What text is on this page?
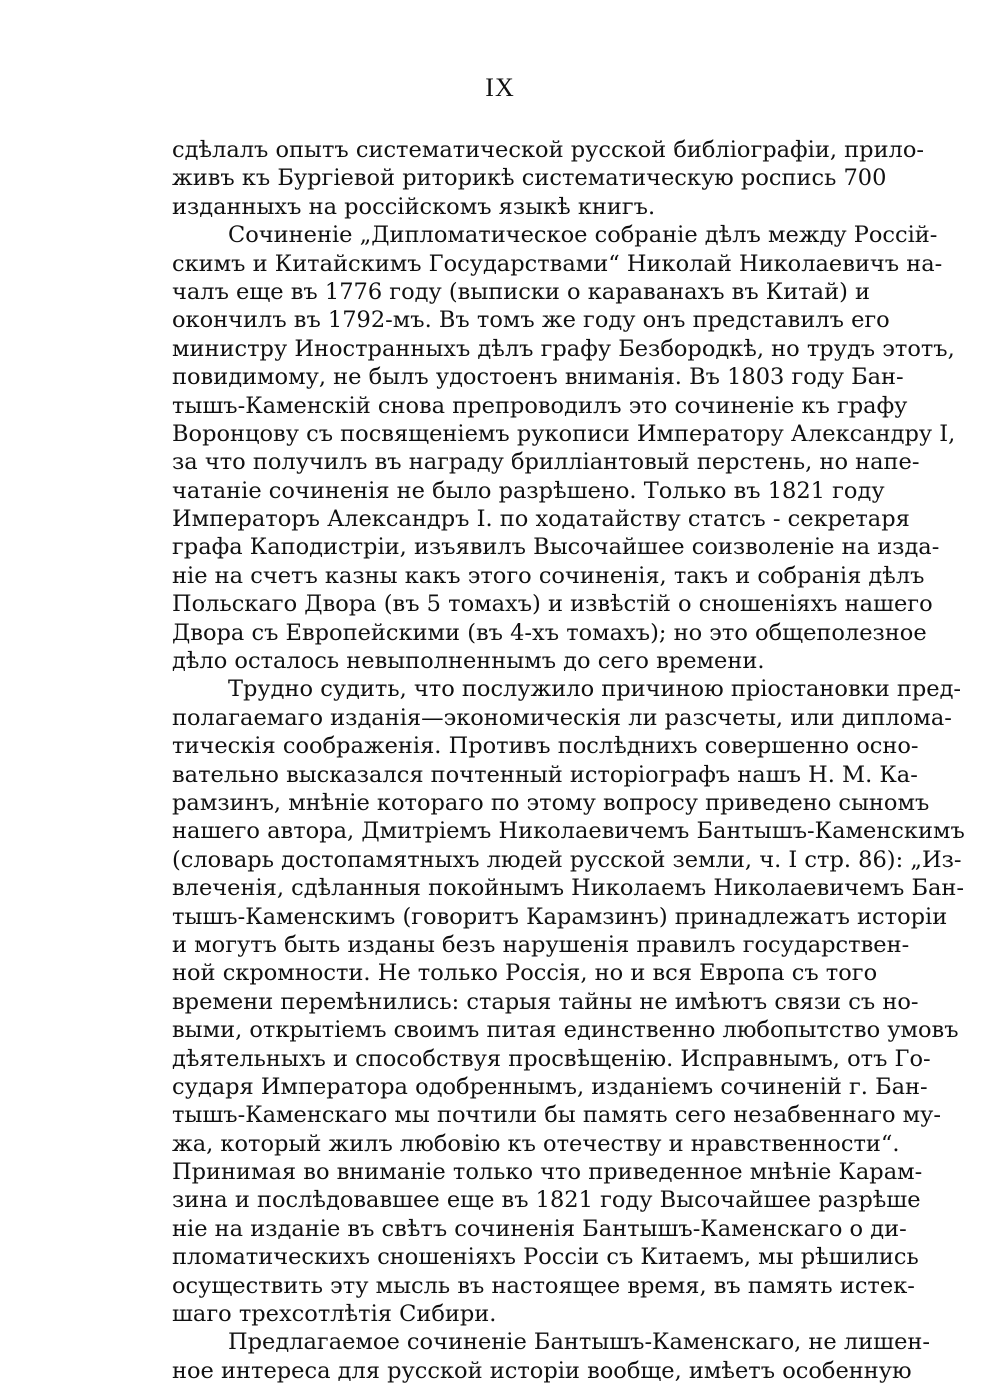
IX
сдѣлалъ опытъ систематической русской библіографіи, прило-
живъ къ Бургіевой риторикѣ систематическую роспись 700
изданныхъ на россійскомъ языкѣ книгъ.
Сочиненіе „Дипломатическое собраніе дѣлъ между Россій-
скимъ и Китайскимъ Государствами“ Николай Николаевичъ на-
чалъ еще въ 1776 году (выписки о караванахъ въ Китай) и
окончилъ въ 1792-мъ. Въ томъ же году онъ представилъ его
министру Иностранныхъ дѣлъ графу Безбородкѣ, но трудъ этотъ,
повидимому, не былъ удостоенъ вниманія. Въ 1803 году Бан-
тышъ-Каменскій снова препроводилъ это сочиненіе къ графу
Воронцову съ посвященіемъ рукописи Императору Александру I,
за что получилъ въ награду бриллiантовый перстень, но напе-
чатаніе сочиненія не было разрѣшено. Только въ 1821 году
Императоръ Александръ I. по ходатайству статсъ - секретаря
графа Каподистріи, изъявилъ Высочайшее соизволеніе на изда-
ніе на счетъ казны какъ этого сочиненія, такъ и собранія дѣлъ
Польскаго Двора (въ 5 томахъ) и извѣстій о сношеніяхъ нашего
Двора съ Европейскими (въ 4-хъ томахъ); но это общеполезное
дѣло осталось невыполненнымъ до сего времени.
Трудно судить, что послужило причиною пріостановки пред-
полагаемаго изданія—экономическія ли разсчеты, или диплома-
тическія соображенія. Противъ послѣднихъ совершенно осно-
вательно высказался почтенный исторіографъ нашъ Н. М. Ка-
рамзинъ, мнѣніе котораго по этому вопросу приведено сыномъ
нашего автора, Дмитріемъ Николаевичемъ Бантышъ-Каменскимъ
(словарь достопамятныхъ людей русской земли, ч. I стр. 86): „Из-
влеченія, сдѣланныя покойнымъ Николаемъ Николаевичемъ Бан-
тышъ-Каменскимъ (говоритъ Карамзинъ) принадлежатъ исторіи
и могутъ быть изданы безъ нарушенія правилъ государствен-
ной скромности. Не только Россія, но и вся Европа съ того
времени перемѣнились: старыя тайны не имѣютъ связи съ но-
выми, открытіемъ своимъ питая единственно любопытство умовъ
дѣятельныхъ и способствуя просвѣщенію. Исправнымъ, отъ Го-
сударя Императора одобреннымъ, изданіемъ сочиненій г. Бан-
тышъ-Каменскаго мы почтили бы память сего незабвеннаго му-
жа, который жилъ любовію къ отечеству и нравственности“.
Принимая во вниманіе только что приведенное мнѣніе Карам-
зина и послѣдовавшее еще въ 1821 году Высочайшее разрѣше
ніе на изданіе въ свѣтъ сочиненія Бантышъ-Каменскаго о ди-
пломатическихъ сношеніяхъ Россіи съ Китаемъ, мы рѣшились
осуществить эту мысль въ настоящее время, въ память истек-
шаго трехсотлѣтія Сибири.
Предлагаемое сочиненіе Бантышъ-Каменскаго, не лишен-
ное интереса для русской исторіи вообще, имѣетъ особенную
